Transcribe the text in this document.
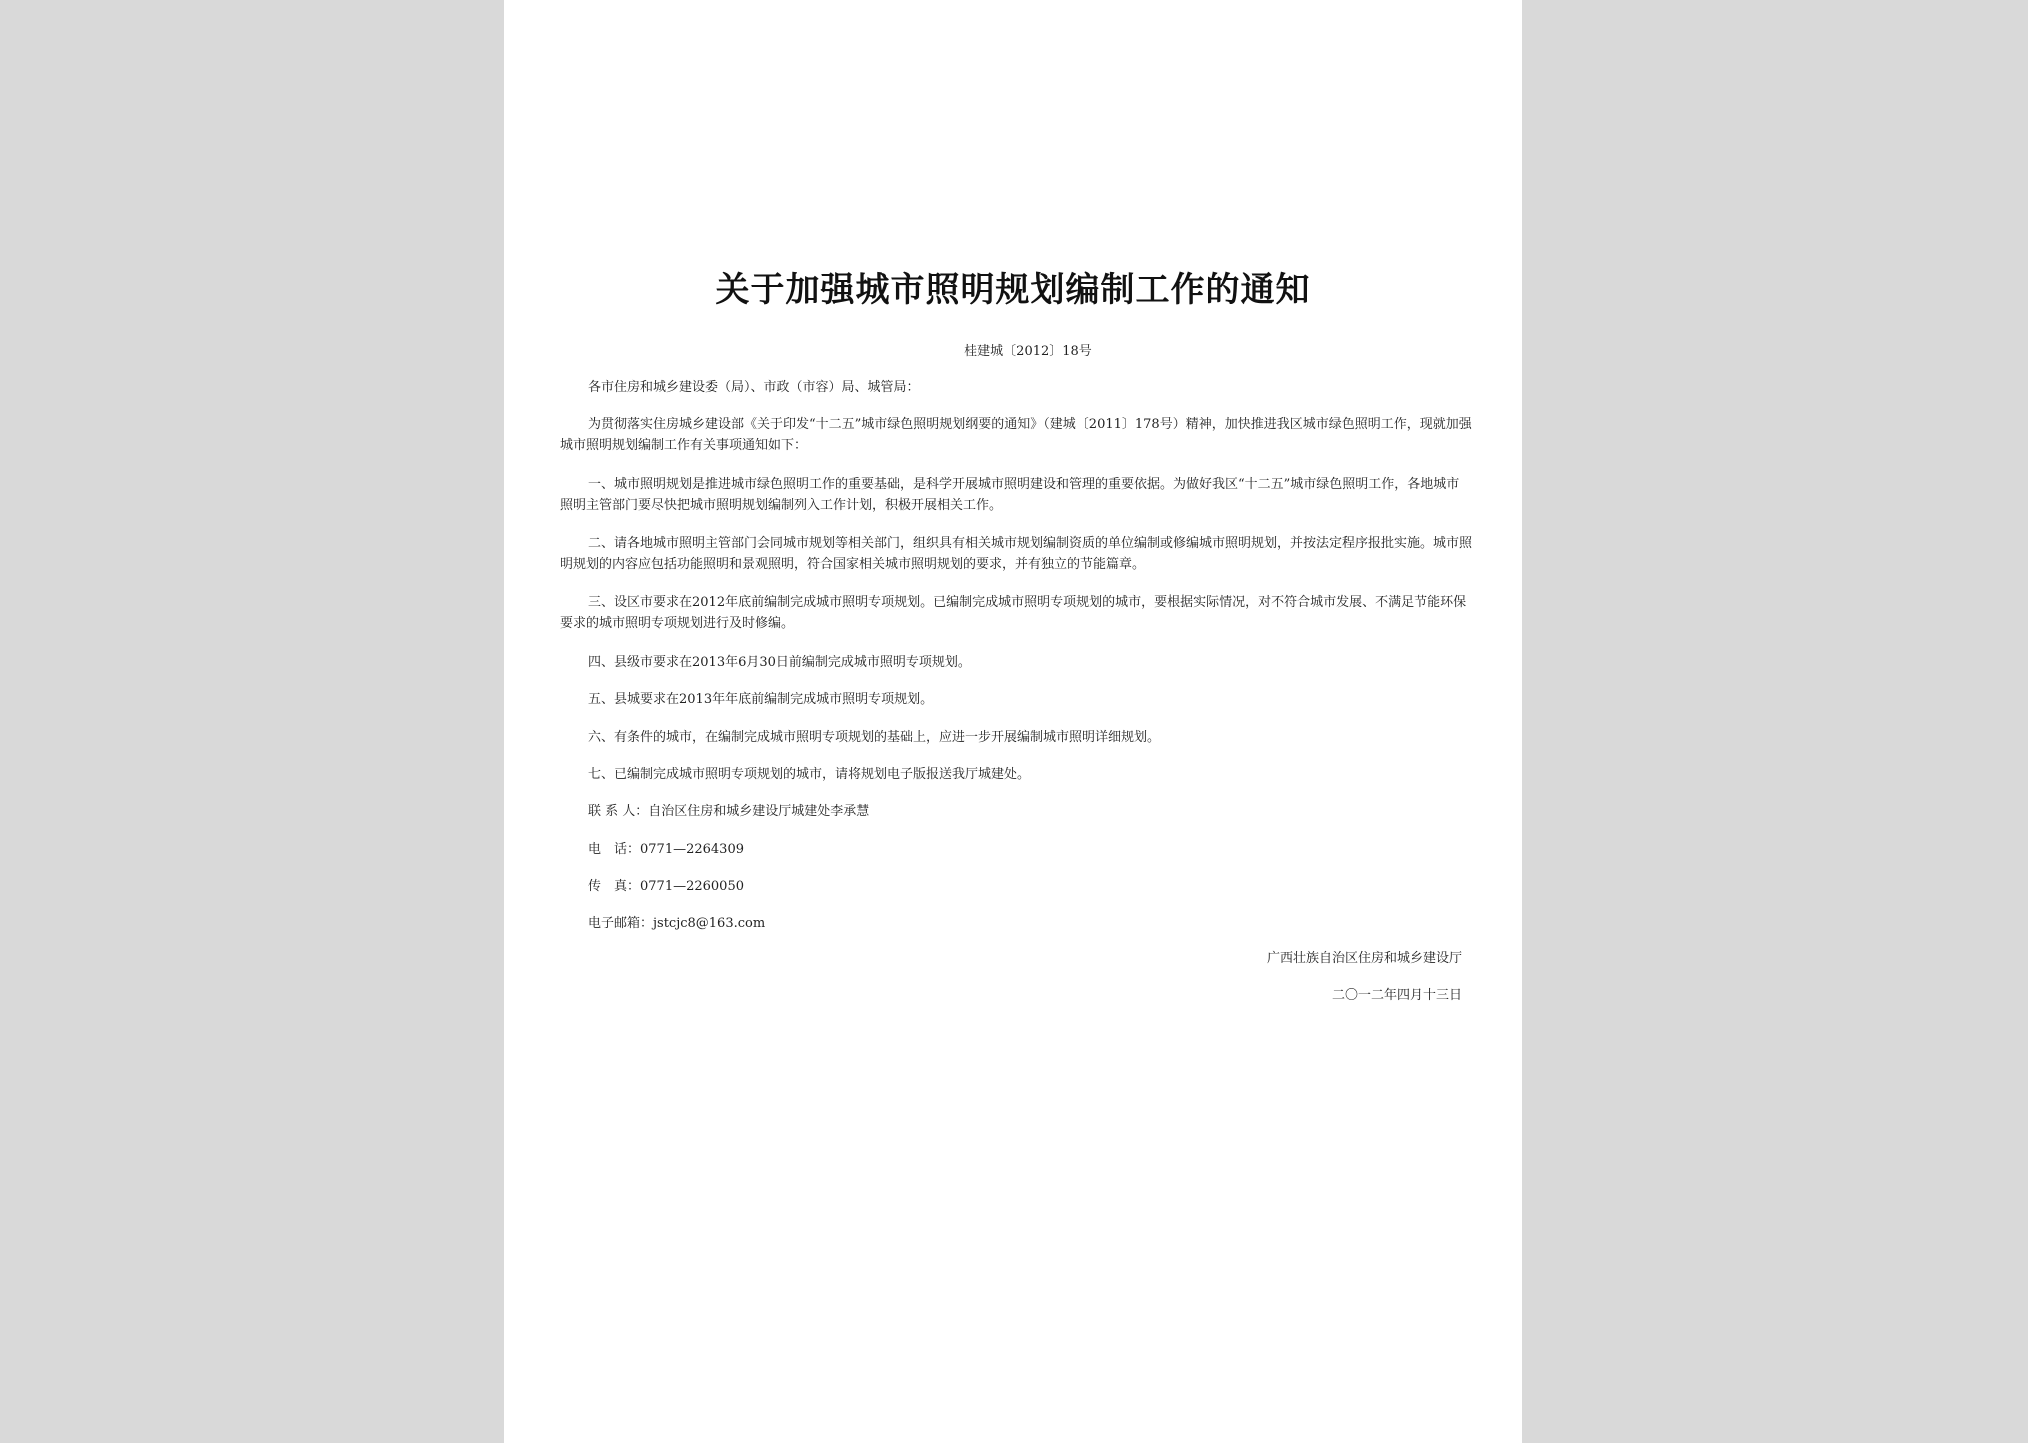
关于加强城市照明规划编制工作的通知
桂建城〔2012〕18号
各市住房和城乡建设委（局）、市政（市容）局、城管局：
为贯彻落实住房城乡建设部《关于印发“十二五”城市绿色照明规划纲要的通知》（建城〔2011〕178号）精神，加快推进我区城市绿色照明工作，现就加强城市照明规划编制工作有关事项通知如下：
一、城市照明规划是推进城市绿色照明工作的重要基础，是科学开展城市照明建设和管理的重要依据。为做好我区“十二五”城市绿色照明工作，各地城市照明主管部门要尽快把城市照明规划编制列入工作计划，积极开展相关工作。
二、请各地城市照明主管部门会同城市规划等相关部门，组织具有相关城市规划编制资质的单位编制或修编城市照明规划，并按法定程序报批实施。城市照明规划的内容应包括功能照明和景观照明，符合国家相关城市照明规划的要求，并有独立的节能篇章。
三、设区市要求在2012年底前编制完成城市照明专项规划。已编制完成城市照明专项规划的城市，要根据实际情况，对不符合城市发展、不满足节能环保要求的城市照明专项规划进行及时修编。
四、县级市要求在2013年6月30日前编制完成城市照明专项规划。
五、县城要求在2013年年底前编制完成城市照明专项规划。
六、有条件的城市，在编制完成城市照明专项规划的基础上，应进一步开展编制城市照明详细规划。
七、已编制完成城市照明专项规划的城市，请将规划电子版报送我厅城建处。
联 系 人：自治区住房和城乡建设厅城建处李承慧
电　话：0771—2264309
传　真：0771—2260050
电子邮箱：jstcjc8@163.com
广西壮族自治区住房和城乡建设厅
二〇一二年四月十三日
